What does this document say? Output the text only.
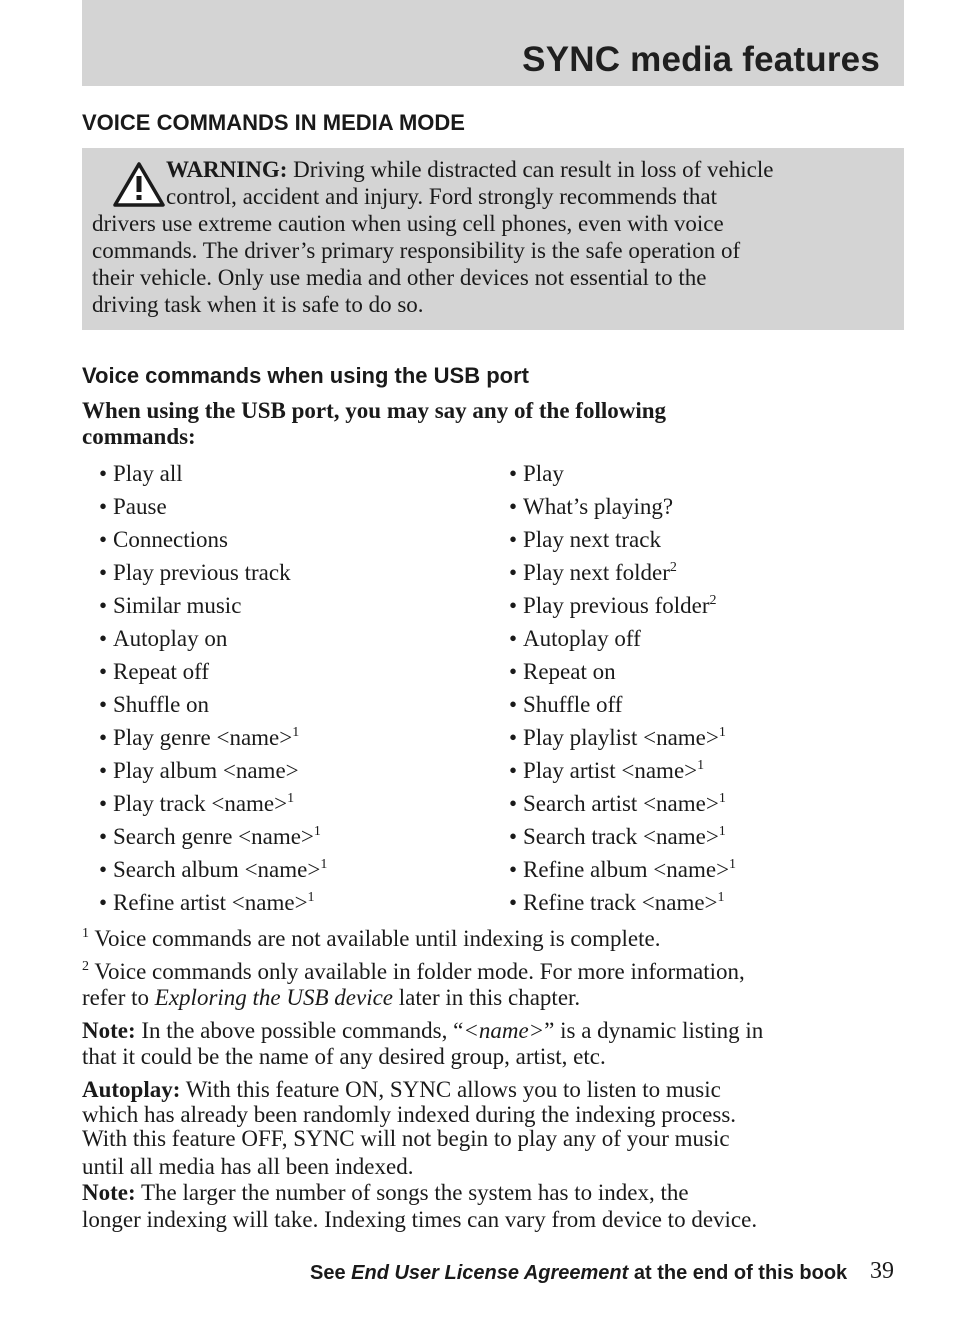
SYNC media features
VOICE COMMANDS IN MEDIA MODE
WARNING: Driving while distracted can result in loss of vehicle
control, accident and injury. Ford strongly recommends that
drivers use extreme caution when using cell phones, even with voice
commands. The driver’s primary responsibility is the safe operation of
their vehicle. Only use media and other devices not essential to the
driving task when it is safe to do so.
Voice commands when using the USB port
When using the USB port, you may say any of the following
commands:
• Play all
• Pause
• Connections
• Play previous track
• Similar music
• Autoplay on
• Repeat off
• Shuffle on
• Play genre <name>$^1$
• Play album <name>
• Play track <name>$^1$
• Search genre <name>$^1$
• Search album <name>$^1$
• Refine artist <name>$^1$
• Play
• What’s playing?
• Play next track
• Play next folder$^2$
• Play previous folder$^2$
• Autoplay off
• Repeat on
• Shuffle off
• Play playlist <name>$^1$
• Play artist <name>$^1$
• Search artist <name>$^1$
• Search track <name>$^1$
• Refine album <name>$^1$
• Refine track <name>$^1$
$^1$ Voice commands are not available until indexing is complete.
$^2$ Voice commands only available in folder mode. For more information,
refer to Exploring the USB device later in this chapter.
Note: In the above possible commands, “<name>” is a dynamic listing in
that it could be the name of any desired group, artist, etc.
Autoplay: With this feature ON, SYNC allows you to listen to music
which has already been randomly indexed during the indexing process.
With this feature OFF, SYNC will not begin to play any of your music
until all media has all been indexed.
Note: The larger the number of songs the system has to index, the
longer indexing will take. Indexing times can vary from device to device.
See End User License Agreement at the end of this book 39
